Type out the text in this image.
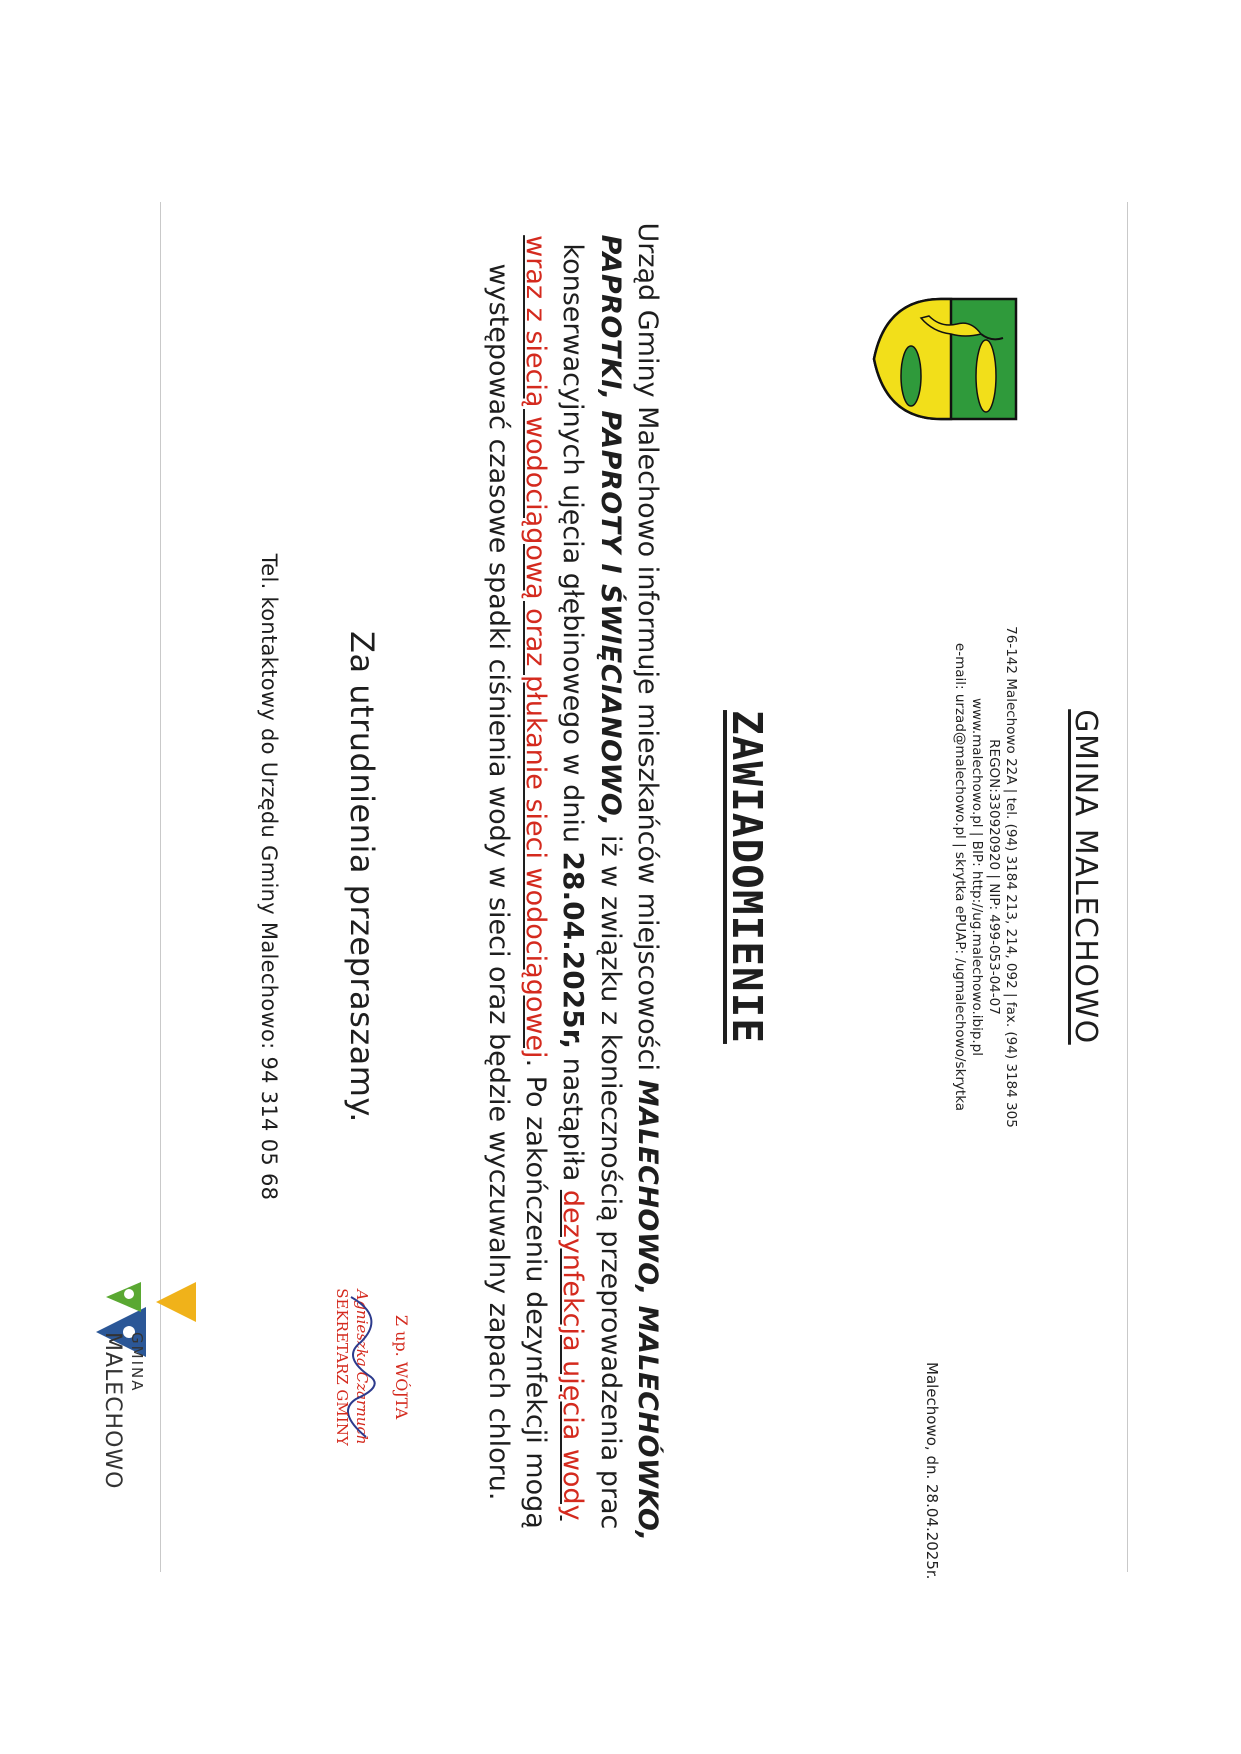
GMINA MALECHOWO
76-142 Malechowo 22A | tel. (94) 3184 213, 214, 092 | fax. (94) 3184 305
REGON:330920920 | NIP: 499-053-04-07
www.malechowo.pl | BIP: http://ug.malechowo.ibip.pl
e-mail: urzad@malechowo.pl | skrytka ePUAP: /ugmalechowo/skrytka
Malechowo, dn. 28.04.2025r.
ZAWIADOMIENIE
Urząd Gminy Malechowo informuje mieszkańców miejscowości MALECHOWO, MALECHÓWKO, PAPROTKI, PAPROTY I ŚWIĘCIANOWO, iż w związku z koniecznością przeprowadzenia prac konserwacyjnych ujęcia głębinowego w dniu 28.04.2025r, nastąpiła dezynfekcja ujęcia wody wraz z siecią wodociągową oraz płukanie sieci wodociągowej. Po zakończeniu dezynfekcji mogą występować czasowe spadki ciśnienia wody w sieci oraz będzie wyczuwalny zapach chloru.
Za utrudnienia przepraszamy.
Tel. kontaktowy do Urzędu Gminy Malechowo: 94 314 05 68
Z up. WÓJTA
Agnieszka Czarnuch
SEKRETARZ GMINY
GMINA
MALECHOWO
